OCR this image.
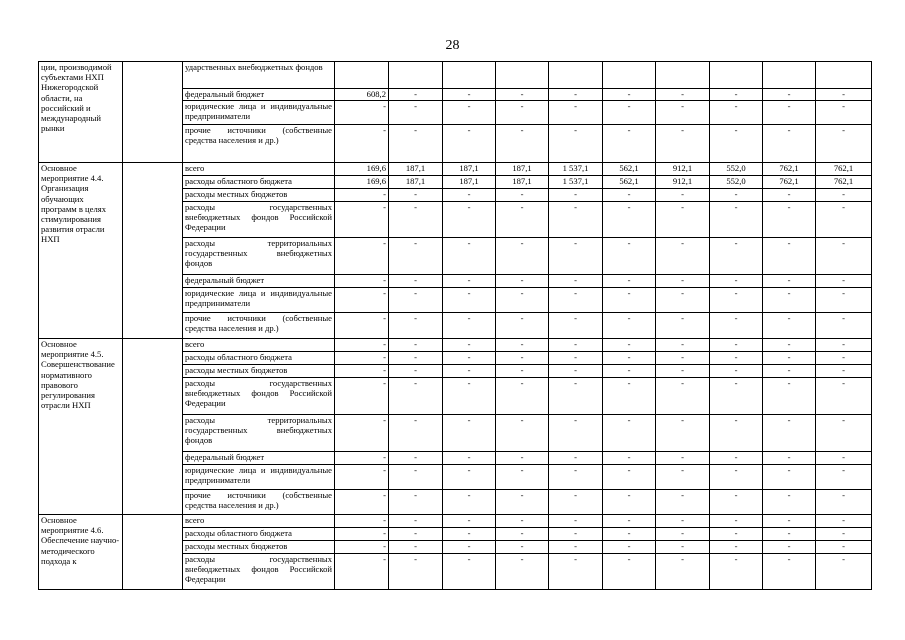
28
ции, производимой субъектами НХП Нижегородской области, на российский и международный рынки		ударственных внебюджетных фондов										
		федеральный бюджет	608,2	-	-	-	-	-	-	-	-	-
		юридические лица и индивидуальные предприниматели	-	-	-	-	-	-	-	-	-	-
		прочие источники (собственные средства населения и др.)	-	-	-	-	-	-	-	-	-	-
Основное мероприятие 4.4. Организация обучающих программ в целях стимулирования развития отрасли НХП		всего	169,6	187,1	187,1	187,1	1 537,1	562,1	912,1	552,0	762,1	762,1
		расходы областного бюджета	169,6	187,1	187,1	187,1	1 537,1	562,1	912,1	552,0	762,1	762,1
		расходы местных бюджетов	-	-	-	-	-	-	-	-	-	-
		расходы государственных внебюджетных фондов Российской Федерации	-	-	-	-	-	-	-	-	-	-
		расходы территориальных государственных внебюджетных фондов	-	-	-	-	-	-	-	-	-	-
		федеральный бюджет	-	-	-	-	-	-	-	-	-	-
		юридические лица и индивидуальные предприниматели	-	-	-	-	-	-	-	-	-	-
		прочие источники (собственные средства населения и др.)	-	-	-	-	-	-	-	-	-	-
Основное мероприятие 4.5. Совершенствование нормативного правового регулирования отрасли НХП		всего	-	-	-	-	-	-	-	-	-	-
		расходы областного бюджета	-	-	-	-	-	-	-	-	-	-
		расходы местных бюджетов	-	-	-	-	-	-	-	-	-	-
		расходы государственных внебюджетных фондов Российской Федерации	-	-	-	-	-	-	-	-	-	-
		расходы территориальных государственных внебюджетных фондов	-	-	-	-	-	-	-	-	-	-
		федеральный бюджет	-	-	-	-	-	-	-	-	-	-
		юридические лица и индивидуальные предприниматели	-	-	-	-	-	-	-	-	-	-
		прочие источники (собственные средства населения и др.)	-	-	-	-	-	-	-	-	-	-
Основное мероприятие 4.6. Обеспечение научно-методического подхода к		всего	-	-	-	-	-	-	-	-	-	-
		расходы областного бюджета	-	-	-	-	-	-	-	-	-	-
		расходы местных бюджетов	-	-	-	-	-	-	-	-	-	-
		расходы государственных внебюджетных фондов Российской Федерации	-	-	-	-	-	-	-	-	-	-
